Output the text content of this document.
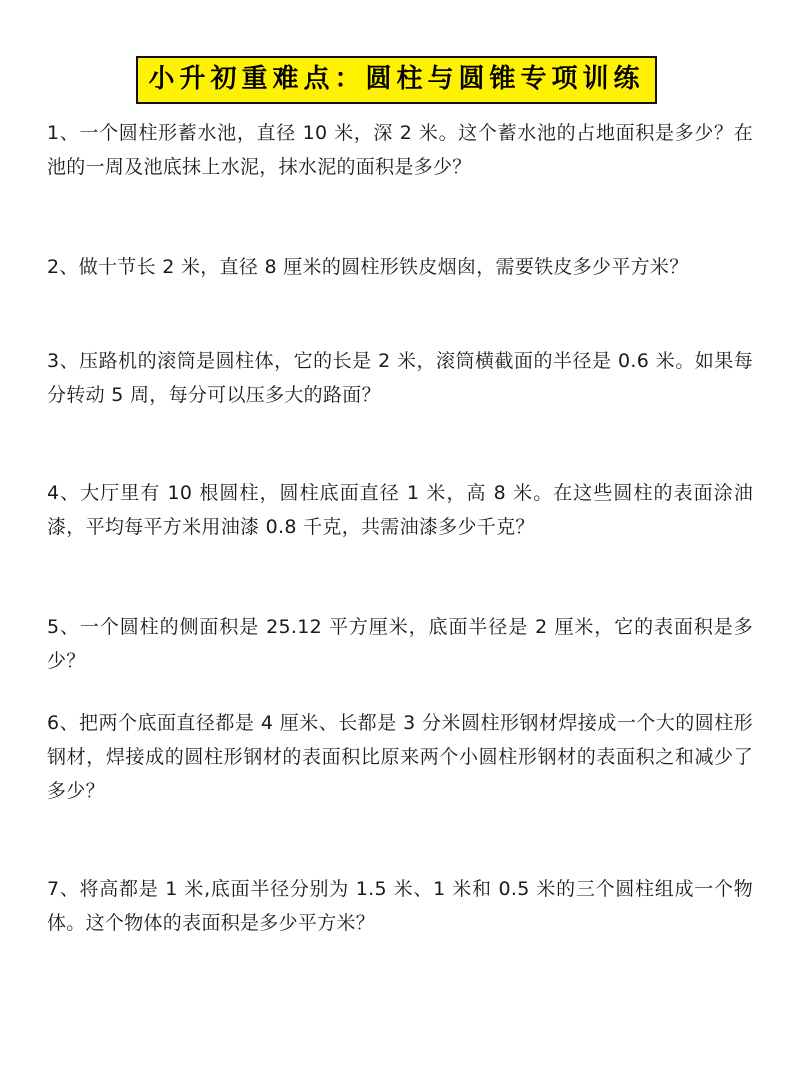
小升初重难点：圆柱与圆锥专项训练

1、一个圆柱形蓄水池，直径 10 米，深 2 米。这个蓄水池的占地面积是多少？在池的一周及池底抹上水泥，抹水泥的面积是多少？

2、做十节长 2 米，直径 8 厘米的圆柱形铁皮烟囱，需要铁皮多少平方米？

3、压路机的滚筒是圆柱体，它的长是 2 米，滚筒横截面的半径是 0.6 米。如果每分转动 5 周，每分可以压多大的路面？

4、大厅里有 10 根圆柱，圆柱底面直径 1 米，高 8 米。在这些圆柱的表面涂油漆，平均每平方米用油漆 0.8 千克，共需油漆多少千克？

5、一个圆柱的侧面积是 25.12 平方厘米，底面半径是 2 厘米，它的表面积是多少？

6、把两个底面直径都是 4 厘米、长都是 3 分米圆柱形钢材焊接成一个大的圆柱形钢材，焊接成的圆柱形钢材的表面积比原来两个小圆柱形钢材的表面积之和减少了多少？

7、将高都是 1 米,底面半径分别为 1.5 米、1 米和 0.5 米的三个圆柱组成一个物体。这个物体的表面积是多少平方米？
